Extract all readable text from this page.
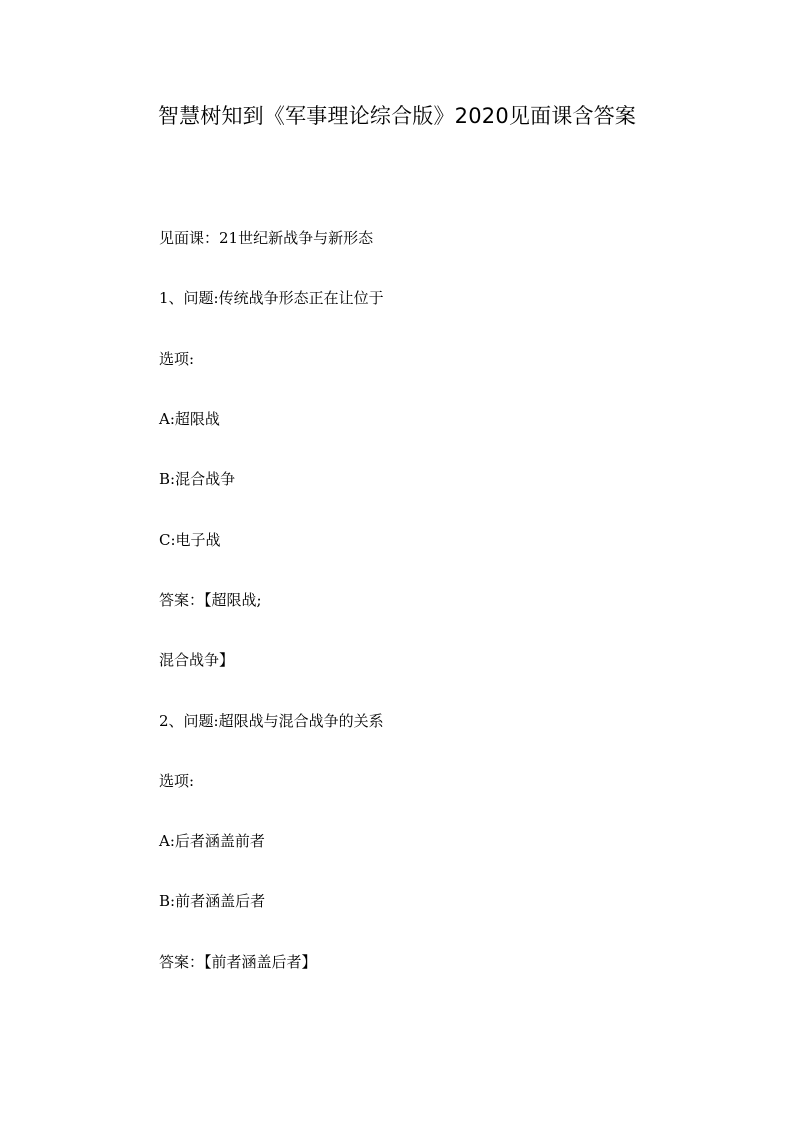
智慧树知到《军事理论综合版》2020见面课含答案
见面课：21世纪新战争与新形态
1、问题:传统战争形态正在让位于
选项:
A:超限战
B:混合战争
C:电子战
答案：【超限战;
混合战争】
2、问题:超限战与混合战争的关系
选项:
A:后者涵盖前者
B:前者涵盖后者
答案：【前者涵盖后者】
